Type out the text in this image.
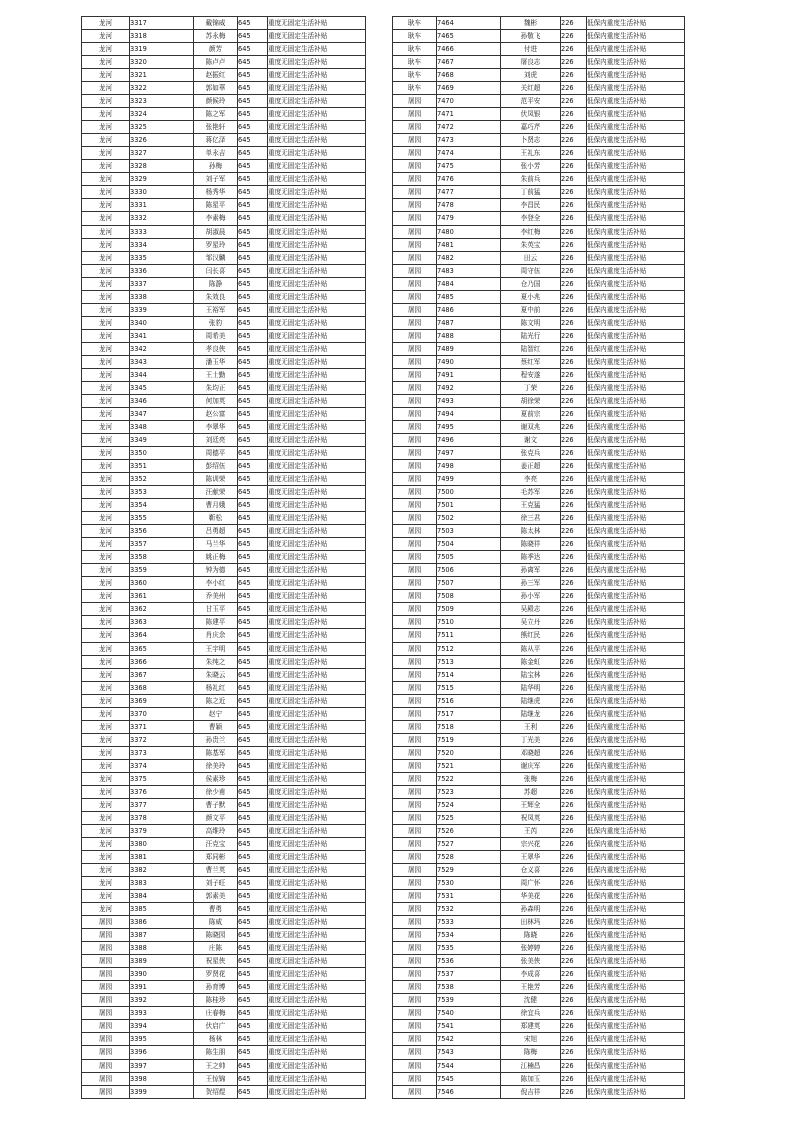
龙河	3317	戴锦威	645	重度无固定生活补贴
龙河	3318	苏永梅	645	重度无固定生活补贴
龙河	3319	颜芳	645	重度无固定生活补贴
龙河	3320	陈卢卢	645	重度无固定生活补贴
龙河	3321	赵振红	645	重度无固定生活补贴
龙河	3322	郭如華	645	重度无固定生活补贴
龙河	3323	颜候玲	645	重度无固定生活补贴
龙河	3324	陈之军	645	重度无固定生活补贴
龙河	3325	张艳轩	645	重度无固定生活补贴
龙河	3326	蒋亿泽	645	重度无固定生活补贴
龙河	3327	单永吉	645	重度无固定生活补贴
龙河	3328	孙梅	645	重度无固定生活补贴
龙河	3329	刘子军	645	重度无固定生活补贴
龙河	3330	杨秀华	645	重度无固定生活补贴
龙河	3331	陈星平	645	重度无固定生活补贴
龙河	3332	李素梅	645	重度无固定生活补贴
龙河	3333	胡淑晨	645	重度无固定生活补贴
龙河	3334	罗星玲	645	重度无固定生活补贴
龙河	3335	邹汉麟	645	重度无固定生活补贴
龙河	3336	闫长喜	645	重度无固定生活补贴
龙河	3337	陈静	645	重度无固定生活补贴
龙河	3338	朱效良	645	重度无固定生活补贴
龙河	3339	王裕军	645	重度无固定生活补贴
龙河	3340	张豹	645	重度无固定生活补贴
龙河	3341	周希美	645	重度无固定生活补贴
龙河	3342	孝良侠	645	重度无固定生活补贴
龙河	3343	潘玉华	645	重度无固定生活补贴
龙河	3344	王士勤	645	重度无固定生活补贴
龙河	3345	朱均正	645	重度无固定生活补贴
龙河	3346	何加英	645	重度无固定生活补贴
龙河	3347	赵公富	645	重度无固定生活补贴
龙河	3348	李翠华	645	重度无固定生活补贴
龙河	3349	刘廷亮	645	重度无固定生活补贴
龙河	3350	周德平	645	重度无固定生活补贴
龙河	3351	彭绍伍	645	重度无固定生活补贴
龙河	3352	陈训荣	645	重度无固定生活补贴
龙河	3353	汪献荣	645	重度无固定生活补贴
龙河	3354	曹月娥	645	重度无固定生活补贴
龙河	3355	靳松	645	重度无固定生活补贴
龙河	3356	吕勇超	645	重度无固定生活补贴
龙河	3357	马兰华	645	重度无固定生活补贴
龙河	3358	姚正梅	645	重度无固定生活补贴
龙河	3359	钟为德	645	重度无固定生活补贴
龙河	3360	李小红	645	重度无固定生活补贴
龙河	3361	乔美州	645	重度无固定生活补贴
龙河	3362	甘玉平	645	重度无固定生活补贴
龙河	3363	陈建平	645	重度无固定生活补贴
龙河	3364	肖庆余	645	重度无固定生活补贴
龙河	3365	王宇明	645	重度无固定生活补贴
龙河	3366	朱纯之	645	重度无固定生活补贴
龙河	3367	朱晓云	645	重度无固定生活补贴
龙河	3368	杨礼红	645	重度无固定生活补贴
龙河	3369	陈之近	645	重度无固定生活补贴
龙河	3370	赵宁	645	重度无固定生活补贴
龙河	3371	曹颖	645	重度无固定生活补贴
龙河	3372	孙贵兰	645	重度无固定生活补贴
龙河	3373	陈基军	645	重度无固定生活补贴
龙河	3374	徐美玲	645	重度无固定生活补贴
龙河	3375	侯素珍	645	重度无固定生活补贴
龙河	3376	徐少甫	645	重度无固定生活补贴
龙河	3377	曹子默	645	重度无固定生活补贴
龙河	3378	颜文平	645	重度无固定生活补贴
龙河	3379	高维玲	645	重度无固定生活补贴
龙河	3380	汪克宝	645	重度无固定生活补贴
龙河	3381	郑同彬	645	重度无固定生活补贴
龙河	3382	曹兰英	645	重度无固定生活补贴
龙河	3383	刘子旺	645	重度无固定生活补贴
龙河	3384	郭素美	645	重度无固定生活补贴
龙河	3385	曹勇	645	重度无固定生活补贴
屠园	3386	陈威	645	重度无固定生活补贴
屠园	3387	陈晓园	645	重度无固定生活补贴
屠园	3388	庄陈	645	重度无固定生活补贴
屠园	3389	祝星侠	645	重度无固定生活补贴
屠园	3390	罗贤花	645	重度无固定生活补贴
屠园	3391	孙育博	645	重度无固定生活补贴
屠园	3392	陈桂珍	645	重度无固定生活补贴
屠园	3393	庄春梅	645	重度无固定生活补贴
屠园	3394	伏启广	645	重度无固定生活补贴
屠园	3395	杨林	645	重度无固定生活补贴
屠园	3396	陈生朋	645	重度无固定生活补贴
屠园	3397	王之帅	645	重度无固定生活补贴
屠园	3398	王惊锦	645	重度无固定生活补贴
屠园	3399	贺绍煜	645	重度无固定生活补贴
耿车	7464	魏彬	226	低保内重度生活补贴
耿车	7465	孙敬飞	226	低保内重度生活补贴
耿车	7466	付进	226	低保内重度生活补贴
耿车	7467	屠良志	226	低保内重度生活补贴
耿车	7468	刘虎	226	低保内重度生活补贴
耿车	7469	关红超	226	低保内重度生活补贴
屠园	7470	范平安	226	低保内重度生活补贴
屠园	7471	伏凤银	226	低保内重度生活补贴
屠园	7472	嘉巧芹	226	低保内重度生活补贴
屠园	7473	卜贤志	226	低保内重度生活补贴
屠园	7474	王礼东	226	低保内重度生活补贴
屠园	7475	张小芳	226	低保内重度生活补贴
屠园	7476	朱前兵	226	低保内重度生活补贴
屠园	7477	丁前猛	226	低保内重度生活补贴
屠园	7478	李昌民	226	低保内重度生活补贴
屠园	7479	李登全	226	低保内重度生活补贴
屠园	7480	李红梅	226	低保内重度生活补贴
屠园	7481	朱英宝	226	低保内重度生活补贴
屠园	7482	田云	226	低保内重度生活补贴
屠园	7483	周守伍	226	低保内重度生活补贴
屠园	7484	仓乃国	226	低保内重度生活补贴
屠园	7485	夏小兆	226	低保内重度生活补贴
屠园	7486	夏中前	226	低保内重度生活补贴
屠园	7487	陈文明	226	低保内重度生活补贴
屠园	7488	陆光行	226	低保内重度生活补贴
屠园	7489	陆智红	226	低保内重度生活补贴
屠园	7490	蔡红军	226	低保内重度生活补贴
屠园	7491	程安遂	226	低保内重度生活补贴
屠园	7492	丁荣	226	低保内重度生活补贴
屠园	7493	胡徐荣	226	低保内重度生活补贴
屠园	7494	夏前宗	226	低保内重度生活补贴
屠园	7495	谢双兆	226	低保内重度生活补贴
屠园	7496	谢文	226	低保内重度生活补贴
屠园	7497	张克兵	226	低保内重度生活补贴
屠园	7498	姜正超	226	低保内重度生活补贴
屠园	7499	李亮	226	低保内重度生活补贴
屠园	7500	毛苏军	226	低保内重度生活补贴
屠园	7501	王克猛	226	低保内重度生活补贴
屠园	7502	徐三君	226	低保内重度生活补贴
屠园	7503	陈太林	226	低保内重度生活补贴
屠园	7504	陈晓祥	226	低保内重度生活补贴
屠园	7505	陈季达	226	低保内重度生活补贴
屠园	7506	孙离军	226	低保内重度生活补贴
屠园	7507	孙三军	226	低保内重度生活补贴
屠园	7508	孙小军	226	低保内重度生活补贴
屠园	7509	吴殿志	226	低保内重度生活补贴
屠园	7510	吴立丹	226	低保内重度生活补贴
屠园	7511	熊红民	226	低保内重度生活补贴
屠园	7512	陈从平	226	低保内重度生活补贴
屠园	7513	陈金虹	226	低保内重度生活补贴
屠园	7514	陆宝林	226	低保内重度生活补贴
屠园	7515	陆华明	226	低保内重度生活补贴
屠园	7516	陆继虎	226	低保内重度生活补贴
屠园	7517	陆继龙	226	低保内重度生活补贴
屠园	7518	王利	226	低保内重度生活补贴
屠园	7519	丁光美	226	低保内重度生活补贴
屠园	7520	邓晓超	226	低保内重度生活补贴
屠园	7521	谢庆军	226	低保内重度生活补贴
屠园	7522	张梅	226	低保内重度生活补贴
屠园	7523	苏超	226	低保内重度生活补贴
屠园	7524	王辉全	226	低保内重度生活补贴
屠园	7525	祝凤英	226	低保内重度生活补贴
屠园	7526	王芮	226	低保内重度生活补贴
屠园	7527	宗兴花	226	低保内重度生活补贴
屠园	7528	王翠华	226	低保内重度生活补贴
屠园	7529	仓义喜	226	低保内重度生活补贴
屠园	7530	周广怀	226	低保内重度生活补贴
屠园	7531	华美花	226	低保内重度生活补贴
屠园	7532	孙森明	226	低保内重度生活补贴
屠园	7533	田林玛	226	低保内重度生活补贴
屠园	7534	陈晓	226	低保内重度生活补贴
屠园	7535	张婷婷	226	低保内重度生活补贴
屠园	7536	张美侠	226	低保内重度生活补贴
屠园	7537	李成喜	226	低保内重度生活补贴
屠园	7538	王艳芳	226	低保内重度生活补贴
屠园	7539	沈健	226	低保内重度生活补贴
屠园	7540	徐宜兵	226	低保内重度生活补贴
屠园	7541	郑建英	226	低保内重度生活补贴
屠园	7542	宋旭	226	低保内重度生活补贴
屠园	7543	陈梅	226	低保内重度生活补贴
屠园	7544	江楠昌	226	低保内重度生活补贴
屠园	7545	陈加玉	226	低保内重度生活补贴
屠园	7546	倪吉祥	226	低保内重度生活补贴
